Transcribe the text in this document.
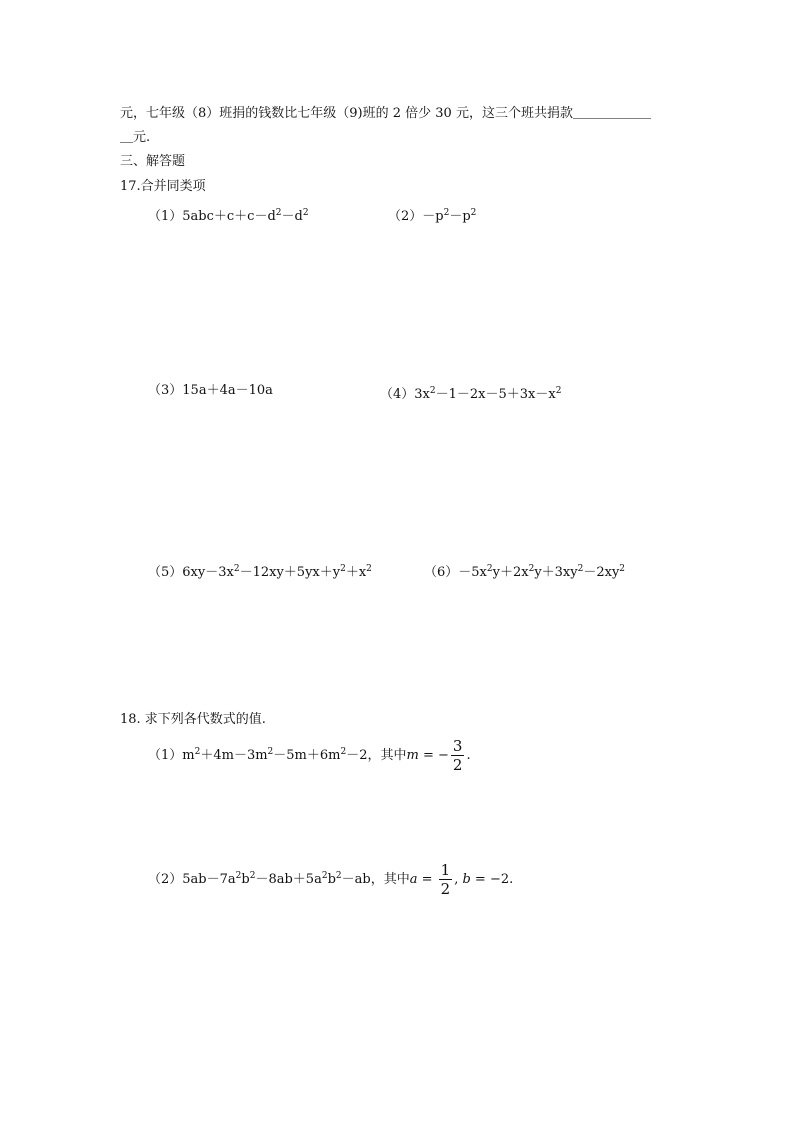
元，七年级（8）班捐的钱数比七年级（9)班的 2 倍少 30 元，这三个班共捐款＿＿＿＿＿＿
＿元.
三、解答题
17.合并同类项
$(1)5abc+c+c-d^2-d^2$	$(2)-p^2-p^2$
（3）15a＋4a－10a	$(4)3x^2-1-2x-5+3x-x^2$
$(5)6xy-3x^2-12xy+5yx+y^2+x^2$	$(6)-5x^2y+2x^2y+3xy^2-2xy^2$
18. 求下列各代数式的值.
$(1)m^2+4m-3m^2-5m+6m^2-2$，其中m = − $\frac{3}{2}$ .
$(2)5ab-7a^2b^2-8ab+5a^2b^2-ab$，其中$a = \frac{1}{2}$ , b = −2.
